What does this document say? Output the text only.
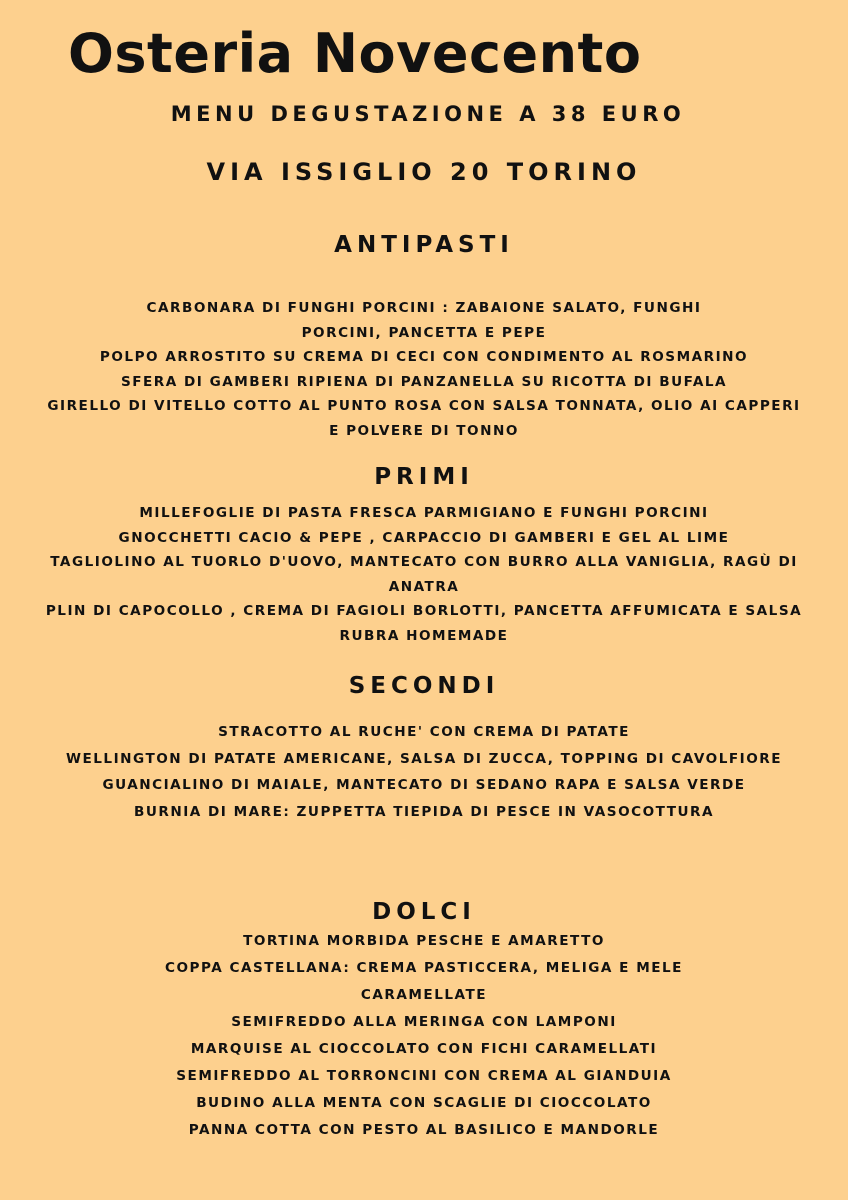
Osteria Novecento
MENU DEGUSTAZIONE A 38 EURO
VIA ISSIGLIO 20 TORINO
ANTIPASTI
CARBONARA DI FUNGHI PORCINI : ZABAIONE SALATO, FUNGHI PORCINI, PANCETTA E PEPE
POLPO ARROSTITO SU CREMA DI CECI CON CONDIMENTO AL ROSMARINO
SFERA DI GAMBERI RIPIENA DI PANZANELLA SU RICOTTA DI BUFALA
GIRELLO DI VITELLO COTTO AL PUNTO ROSA CON SALSA TONNATA, OLIO AI CAPPERI E POLVERE DI TONNO
PRIMI
MILLEFOGLIE DI PASTA FRESCA PARMIGIANO E FUNGHI PORCINI
GNOCCHETTI CACIO & PEPE , CARPACCIO DI GAMBERI E GEL AL LIME
TAGLIOLINO AL TUORLO D'UOVO, MANTECATO CON BURRO ALLA VANIGLIA, RAGÙ DI ANATRA
PLIN DI CAPOCOLLO , CREMA DI FAGIOLI BORLOTTI, PANCETTA AFFUMICATA E SALSA RUBRA HOMEMADE
SECONDI
STRACOTTO AL RUCHE' CON CREMA DI PATATE
WELLINGTON DI PATATE AMERICANE, SALSA DI ZUCCA, TOPPING DI CAVOLFIORE
GUANCIALINO DI MAIALE, MANTECATO DI SEDANO RAPA E SALSA VERDE
BURNIA DI MARE: ZUPPETTA TIEPIDA DI PESCE IN VASOCOTTURA
DOLCI
TORTINA MORBIDA PESCHE E AMARETTO
COPPA CASTELLANA: CREMA PASTICCERA, MELIGA E MELE CARAMELLATE
SEMIFREDDO ALLA MERINGA CON LAMPONI
MARQUISE AL CIOCCOLATO CON FICHI CARAMELLATI
SEMIFREDDO AL TORRONCINI CON CREMA AL GIANDUIA
BUDINO ALLA MENTA CON SCAGLIE DI CIOCCOLATO
PANNA COTTA CON PESTO AL BASILICO E MANDORLE
